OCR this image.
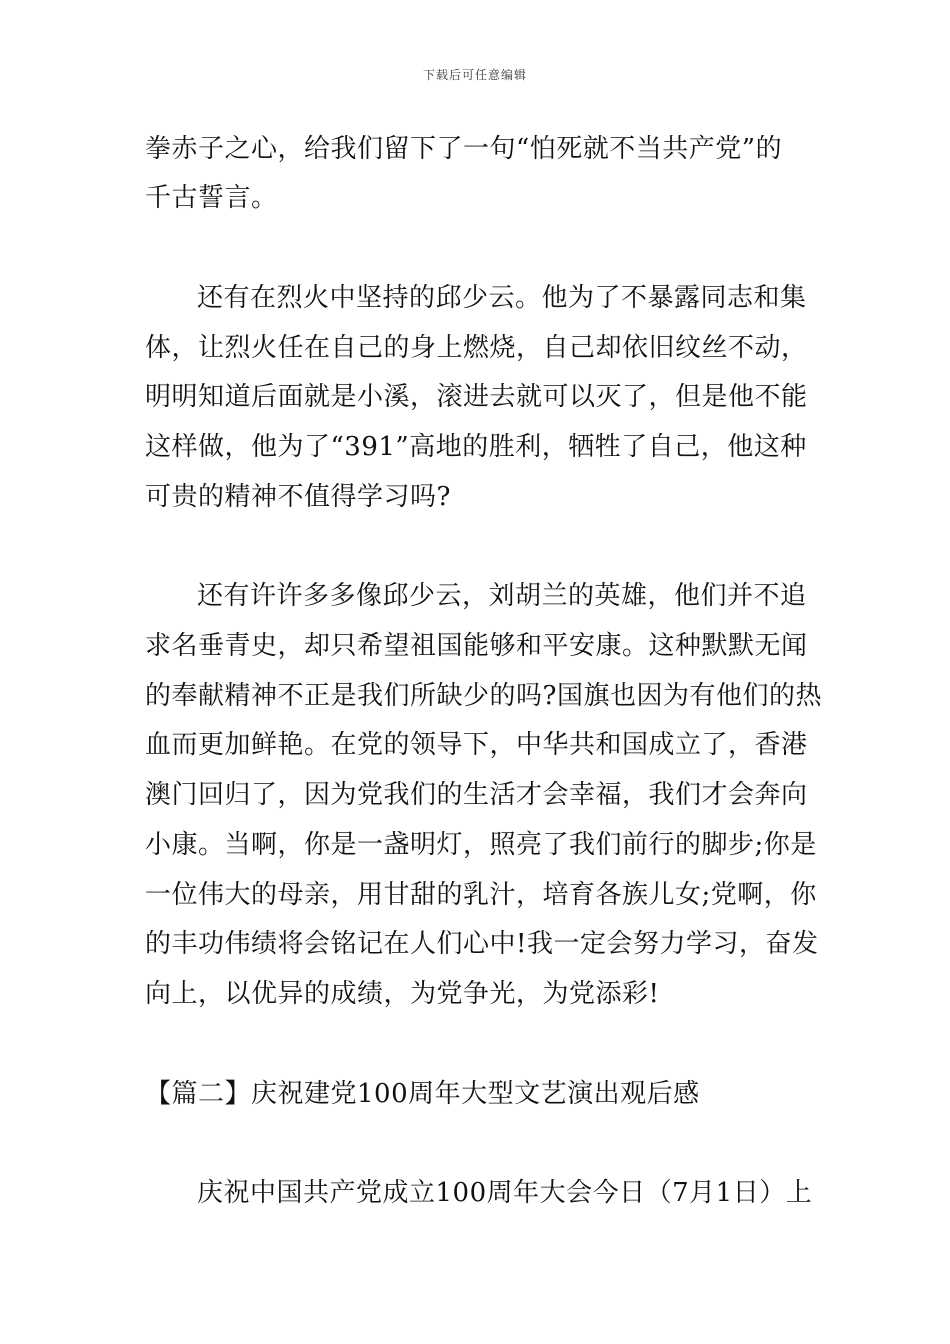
下载后可任意编辑
拳赤子之心，给我们留下了一句“怕死就不当共产党”的
千古誓言。
还有在烈火中坚持的邱少云。他为了不暴露同志和集
体，让烈火任在自己的身上燃烧，自己却依旧纹丝不动，
明明知道后面就是小溪，滚进去就可以灭了，但是他不能
这样做，他为了“391”高地的胜利，牺牲了自己，他这种
可贵的精神不值得学习吗?
还有许许多多像邱少云，刘胡兰的英雄，他们并不追
求名垂青史，却只希望祖国能够和平安康。这种默默无闻
的奉献精神不正是我们所缺少的吗?国旗也因为有他们的热
血而更加鲜艳。在党的领导下，中华共和国成立了，香港
澳门回归了，因为党我们的生活才会幸福，我们才会奔向
小康。当啊，你是一盏明灯，照亮了我们前行的脚步;你是
一位伟大的母亲，用甘甜的乳汁，培育各族儿女;党啊，你
的丰功伟绩将会铭记在人们心中!我一定会努力学习，奋发
向上，以优异的成绩，为党争光，为党添彩!
【篇二】庆祝建党100周年大型文艺演出观后感
庆祝中国共产党成立100周年大会今日（7月1日）上
